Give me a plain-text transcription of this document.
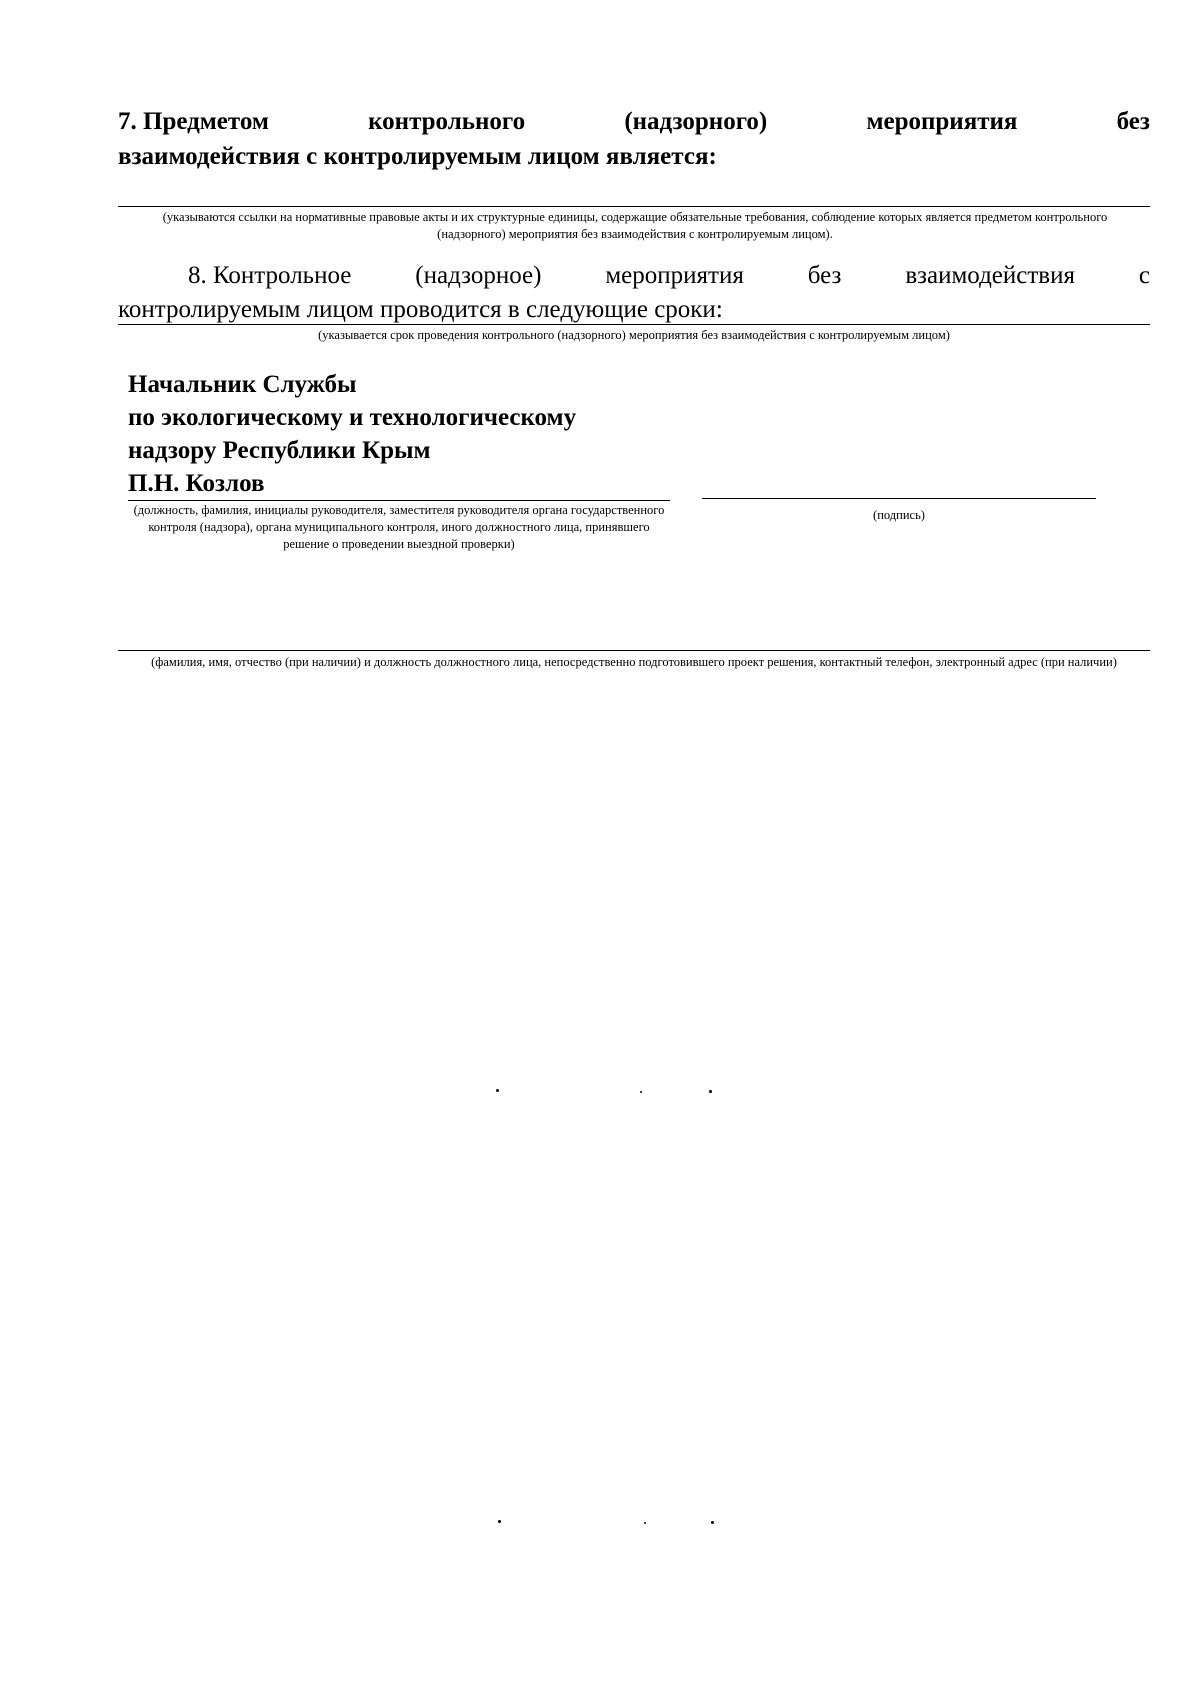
7. Предметом	контрольного	(надзорного)	мероприятия	без
взаимодействия с контролируемым лицом является:
(указываются ссылки на нормативные правовые акты и их структурные единицы, содержащие обязательные требования, соблюдение которых является предметом контрольного (надзорного) мероприятия без взаимодействия с контролируемым лицом).
8. Контрольное	(надзорное)	мероприятия	без	взаимодействия	с
контролируемым лицом проводится в следующие сроки:
(указывается срок проведения контрольного (надзорного) мероприятия без взаимодействия с контролируемым лицом)
Начальник Службы
по экологическому и технологическому
надзору Республики Крым
П.Н. Козлов
(должность, фамилия, инициалы руководителя, заместителя руководителя органа государственного контроля (надзора), органа муниципального контроля, иного должностного лица, принявшего решение о проведении выездной проверки)
(подпись)
(фамилия, имя, отчество (при наличии) и должность должностного лица, непосредственно подготовившего проект решения, контактный телефон, электронный адрес (при наличии)
